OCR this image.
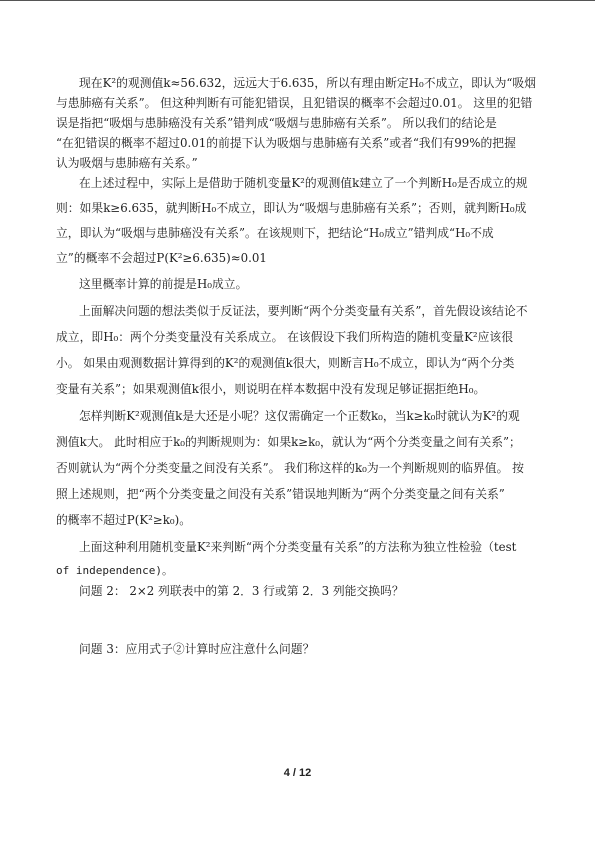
现在K²的观测值k≈56.632，远远大于6.635，所以有理由断定H₀不成立，即认为“吸烟
与患肺癌有关系”。 但这种判断有可能犯错误，且犯错误的概率不会超过0.01。 这里的犯错
误是指把“吸烟与患肺癌没有关系”错判成“吸烟与患肺癌有关系”。 所以我们的结论是
“在犯错误的概率不超过0.01的前提下认为吸烟与患肺癌有关系”或者“我们有99%的把握
认为吸烟与患肺癌有关系。”
在上述过程中，实际上是借助于随机变量K²的观测值k建立了一个判断H₀是否成立的规
则：如果k≥6.635，就判断H₀不成立，即认为“吸烟与患肺癌有关系”；否则，就判断H₀成
立，即认为“吸烟与患肺癌没有关系”。在该规则下，把结论“H₀成立”错判成“H₀不成
立”的概率不会超过P(K²≥6.635)≈0.01
这里概率计算的前提是H₀成立。
上面解决问题的想法类似于反证法，要判断“两个分类变量有关系”，首先假设该结论不
成立，即H₀：两个分类变量没有关系成立。 在该假设下我们所构造的随机变量K²应该很
小。 如果由观测数据计算得到的K²的观测值k很大，则断言H₀不成立，即认为“两个分类
变量有关系”；如果观测值k很小，则说明在样本数据中没有发现足够证据拒绝H₀。
怎样判断K²观测值k是大还是小呢？这仅需确定一个正数k₀，当k≥k₀时就认为K²的观
测值k大。 此时相应于k₀的判断规则为：如果k≥k₀，就认为“两个分类变量之间有关系”；
否则就认为“两个分类变量之间没有关系”。 我们称这样的k₀为一个判断规则的临界值。 按
照上述规则，把“两个分类变量之间没有关系”错误地判断为“两个分类变量之间有关系”
的概率不超过P(K²≥k₀)。
上面这种利用随机变量K²来判断“两个分类变量有关系”的方法称为独立性检验（test
of independence)。
问题 2： 2×2 列联表中的第 2．3 行或第 2．3 列能交换吗？
问题 3：应用式子②计算时应注意什么问题？
4 / 12
